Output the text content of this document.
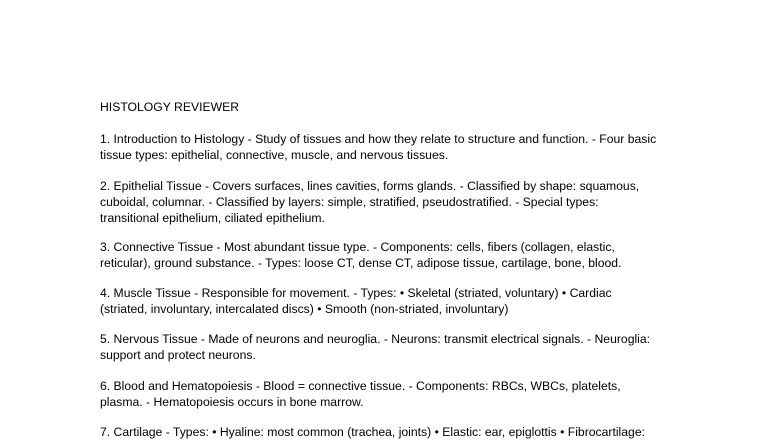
HISTOLOGY REVIEWER
1. Introduction to Histology - Study of tissues and how they relate to structure and function. - Four basic
tissue types: epithelial, connective, muscle, and nervous tissues.
2. Epithelial Tissue - Covers surfaces, lines cavities, forms glands. - Classified by shape: squamous,
cuboidal, columnar. - Classified by layers: simple, stratified, pseudostratified. - Special types:
transitional epithelium, ciliated epithelium.
3. Connective Tissue - Most abundant tissue type. - Components: cells, fibers (collagen, elastic,
reticular), ground substance. - Types: loose CT, dense CT, adipose tissue, cartilage, bone, blood.
4. Muscle Tissue - Responsible for movement. - Types: • Skeletal (striated, voluntary) • Cardiac
(striated, involuntary, intercalated discs) • Smooth (non-striated, involuntary)
5. Nervous Tissue - Made of neurons and neuroglia. - Neurons: transmit electrical signals. - Neuroglia:
support and protect neurons.
6. Blood and Hematopoiesis - Blood = connective tissue. - Components: RBCs, WBCs, platelets,
plasma. - Hematopoiesis occurs in bone marrow.
7. Cartilage - Types: • Hyaline: most common (trachea, joints) • Elastic: ear, epiglottis • Fibrocartilage:
